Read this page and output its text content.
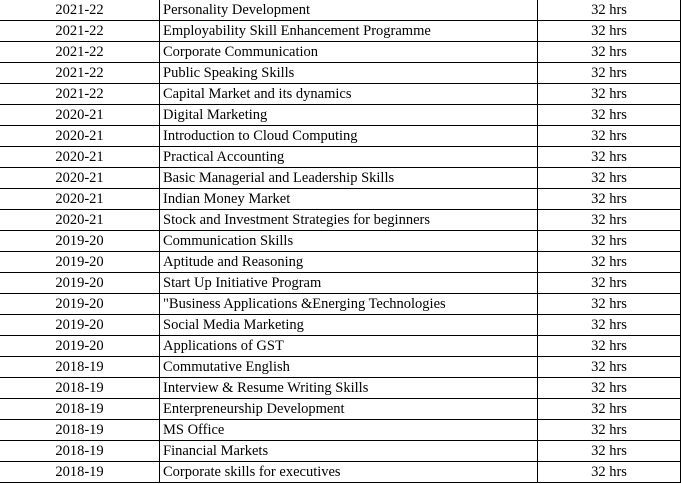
2021-22	Personality Development	32 hrs
2021-22	Employability Skill Enhancement Programme	32 hrs
2021-22	Corporate Communication	32 hrs
2021-22	Public Speaking Skills	32 hrs
2021-22	Capital Market and its dynamics	32 hrs
2020-21	Digital Marketing	32 hrs
2020-21	Introduction to Cloud Computing	32 hrs
2020-21	Practical Accounting	32 hrs
2020-21	Basic Managerial and Leadership Skills	32 hrs
2020-21	Indian Money Market	32 hrs
2020-21	Stock and Investment Strategies for beginners	32 hrs
2019-20	Communication Skills	32 hrs
2019-20	Aptitude and Reasoning	32 hrs
2019-20	Start Up Initiative Program	32 hrs
2019-20	"Business Applications &Energing Technologies	32 hrs
2019-20	Social Media Marketing	32 hrs
2019-20	Applications of GST	32 hrs
2018-19	Commutative English	32 hrs
2018-19	Interview & Resume Writing Skills	32 hrs
2018-19	Enterpreneurship Development	32 hrs
2018-19	MS Office	32 hrs
2018-19	Financial Markets	32 hrs
2018-19	Corporate skills for executives	32 hrs
